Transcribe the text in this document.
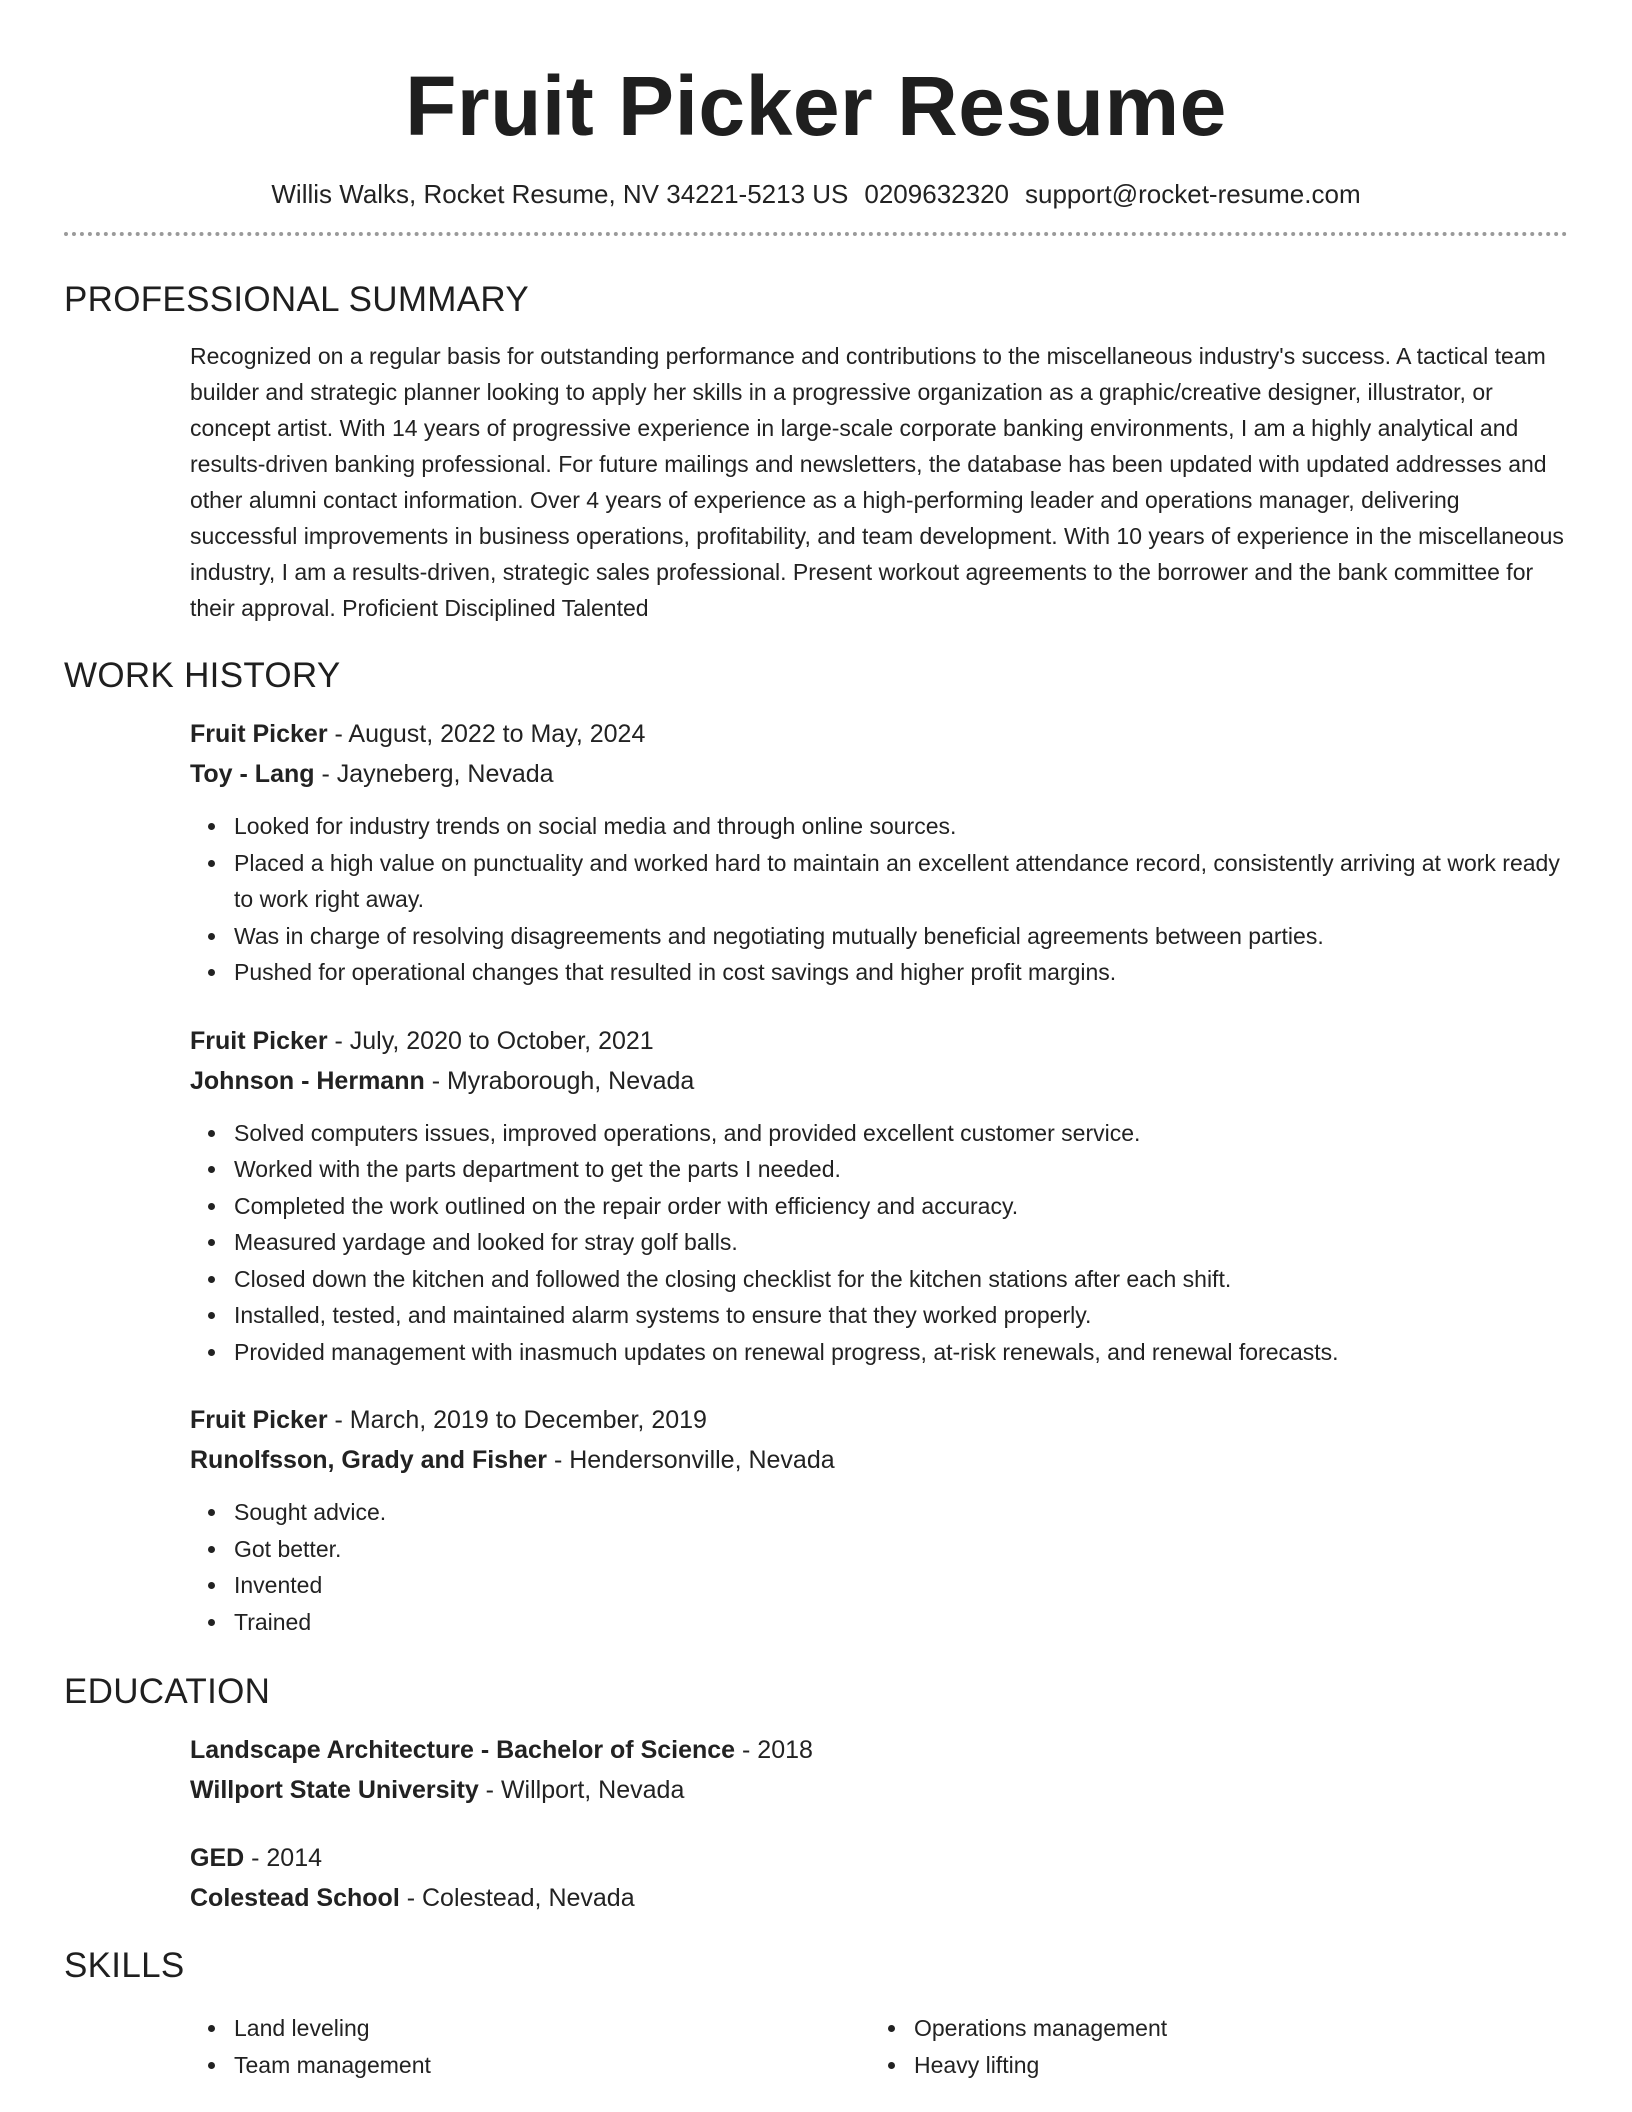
Fruit Picker Resume
Willis Walks, Rocket Resume, NV 34221-5213 US 0209632320 support@rocket-resume.com
PROFESSIONAL SUMMARY

Recognized on a regular basis for outstanding performance and contributions to the miscellaneous industry's success. A tactical team builder and strategic planner looking to apply her skills in a progressive organization as a graphic/creative designer, illustrator, or concept artist. With 14 years of progressive experience in large-scale corporate banking environments, I am a highly analytical and results-driven banking professional. For future mailings and newsletters, the database has been updated with updated addresses and other alumni contact information. Over 4 years of experience as a high-performing leader and operations manager, delivering successful improvements in business operations, profitability, and team development. With 10 years of experience in the miscellaneous industry, I am a results-driven, strategic sales professional. Present workout agreements to the borrower and the bank committee for their approval. Proficient Disciplined Talented

WORK HISTORY
Fruit Picker - August, 2022 to May, 2024
Toy - Lang - Jayneberg, Nevada
Looked for industry trends on social media and through online sources.
Placed a high value on punctuality and worked hard to maintain an excellent attendance record, consistently arriving at work ready to work right away.
Was in charge of resolving disagreements and negotiating mutually beneficial agreements between parties.
Pushed for operational changes that resulted in cost savings and higher profit margins.
Fruit Picker - July, 2020 to October, 2021
Johnson - Hermann - Myraborough, Nevada
Solved computers issues, improved operations, and provided excellent customer service.
Worked with the parts department to get the parts I needed.
Completed the work outlined on the repair order with efficiency and accuracy.
Measured yardage and looked for stray golf balls.
Closed down the kitchen and followed the closing checklist for the kitchen stations after each shift.
Installed, tested, and maintained alarm systems to ensure that they worked properly.
Provided management with inasmuch updates on renewal progress, at-risk renewals, and renewal forecasts.
Fruit Picker - March, 2019 to December, 2019
Runolfsson, Grady and Fisher - Hendersonville, Nevada
Sought advice.
Got better.
Invented
Trained
EDUCATION
Landscape Architecture - Bachelor of Science - 2018
Willport State University - Willport, Nevada
GED - 2014
Colestead School - Colestead, Nevada
SKILLS
Land leveling
Team management
Operations management
Heavy lifting
